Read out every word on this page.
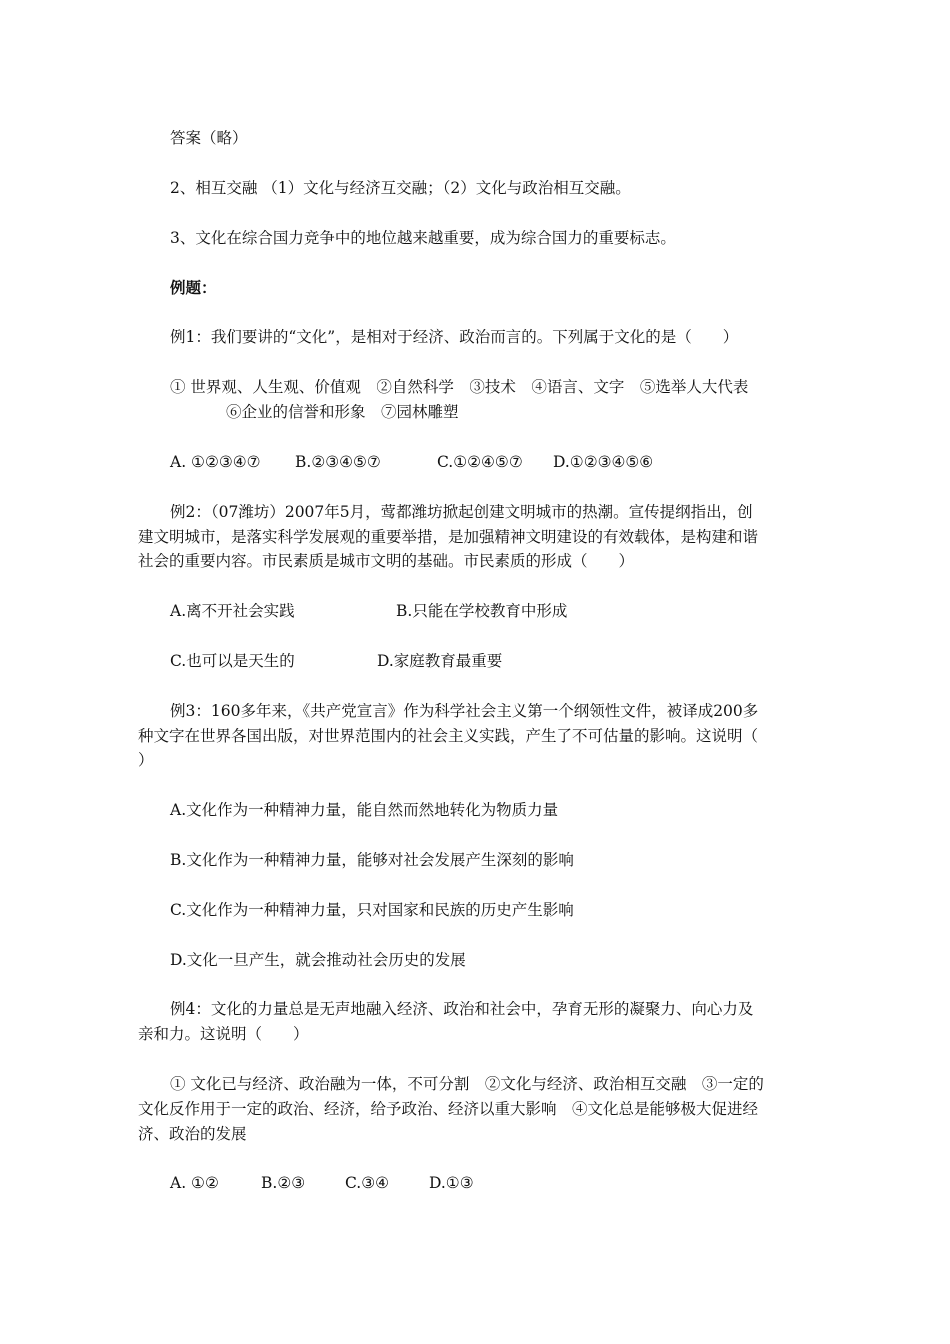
答案（略）
2、相互交融 （1）文化与经济互交融；（2）文化与政治相互交融。
3、文化在综合国力竞争中的地位越来越重要，成为综合国力的重要标志。
例题：
例1：我们要讲的“文化”，是相对于经济、政治而言的。下列属于文化的是（　　）
① 世界观、人生观、价值观　②自然科学　③技术　④语言、文字　⑤选举人大代表
⑥企业的信誉和形象　⑦园林雕塑
A. ①②③④⑦ B.②③④⑤⑦	C.①②④⑤⑦ D.①②③④⑤⑥
例2：（07潍坊）2007年5月，莺都潍坊掀起创建文明城市的热潮。宣传提纲指出，创
建文明城市，是落实科学发展观的重要举措，是加强精神文明建设的有效载体，是构建和谐
社会的重要内容。市民素质是城市文明的基础。市民素质的形成（　　）
A.离不开社会实践	B.只能在学校教育中形成
C.也可以是天生的	D.家庭教育最重要
例3：160多年来，《共产党宣言》作为科学社会主义第一个纲领性文件，被译成200多
种文字在世界各国出版，对世界范围内的社会主义实践，产生了不可估量的影响。这说明（
）
A.文化作为一种精神力量，能自然而然地转化为物质力量
B.文化作为一种精神力量，能够对社会发展产生深刻的影响
C.文化作为一种精神力量，只对国家和民族的历史产生影响
D.文化一旦产生，就会推动社会历史的发展
例4：文化的力量总是无声地融入经济、政治和社会中，孕育无形的凝聚力、向心力及
亲和力。这说明（　　）
① 文化已与经济、政治融为一体，不可分割　②文化与经济、政治相互交融　③一定的
文化反作用于一定的政治、经济，给予政治、经济以重大影响　④文化总是能够极大促进经
济、政治的发展
A. ①②	B.②③	C.③④	D.①③
